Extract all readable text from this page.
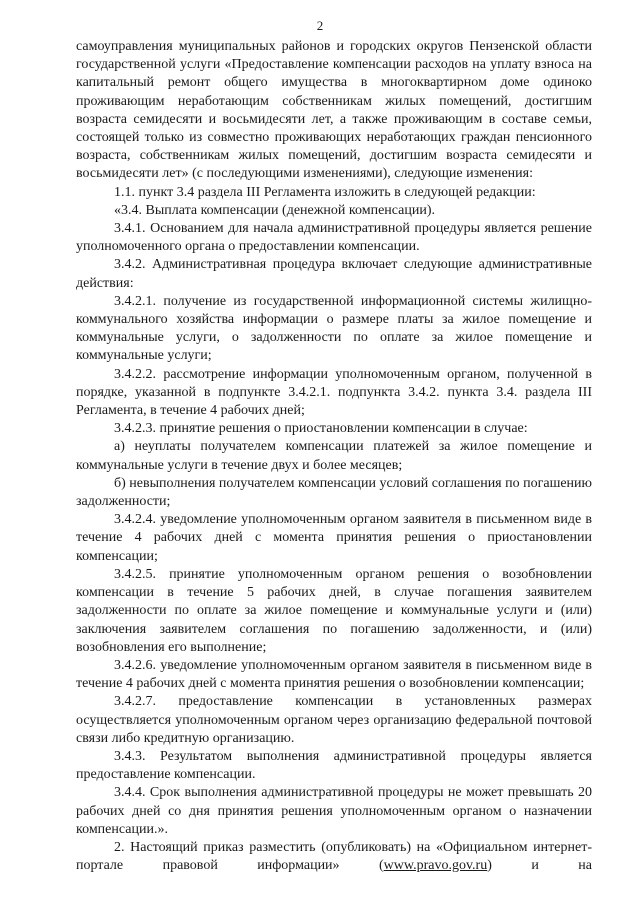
2

самоуправления муниципальных районов и городских округов Пензенской области государственной услуги «Предоставление компенсации расходов на уплату взноса на капитальный ремонт общего имущества в многоквартирном доме одиноко проживающим неработающим собственникам жилых помещений, достигшим возраста семидесяти и восьмидесяти лет, а также проживающим в составе семьи, состоящей только из совместно проживающих неработающих граждан пенсионного возраста, собственникам жилых помещений, достигшим возраста семидесяти и восьмидесяти лет» (с последующими изменениями), следующие изменения:

1.1. пункт 3.4 раздела III Регламента изложить в следующей редакции:

«3.4. Выплата компенсации (денежной компенсации).

3.4.1. Основанием для начала административной процедуры является решение уполномоченного органа о предоставлении компенсации.

3.4.2. Административная процедура включает следующие административные действия:

3.4.2.1. получение из государственной информационной системы жилищно-коммунального хозяйства информации о размере платы за жилое помещение и коммунальные услуги, о задолженности по оплате за жилое помещение и коммунальные услуги;

3.4.2.2. рассмотрение информации уполномоченным органом, полученной в порядке, указанной в подпункте 3.4.2.1. подпункта 3.4.2. пункта 3.4. раздела III Регламента, в течение 4 рабочих дней;

3.4.2.3. принятие решения о приостановлении компенсации в случае:

а) неуплаты получателем компенсации платежей за жилое помещение и коммунальные услуги в течение двух и более месяцев;

б) невыполнения получателем компенсации условий соглашения по погашению задолженности;

3.4.2.4. уведомление уполномоченным органом заявителя в письменном виде в течение 4 рабочих дней с момента принятия решения о приостановлении компенсации;

3.4.2.5. принятие уполномоченным органом решения о возобновлении компенсации в течение 5 рабочих дней, в случае погашения заявителем задолженности по оплате за жилое помещение и коммунальные услуги и (или) заключения заявителем соглашения по погашению задолженности, и (или) возобновления его выполнение;

3.4.2.6. уведомление уполномоченным органом заявителя в письменном виде в течение 4 рабочих дней с момента принятия решения о возобновлении компенсации;

3.4.2.7. предоставление компенсации в установленных размерах осуществляется уполномоченным органом через организацию федеральной почтовой связи либо кредитную организацию.

3.4.3. Результатом выполнения административной процедуры является предоставление компенсации.

3.4.4. Срок выполнения административной процедуры не может превышать 20 рабочих дней со дня принятия решения уполномоченным органом о назначении компенсации.».

2. Настоящий приказ разместить (опубликовать) на «Официальном интернет-портале правовой информации» (www.pravo.gov.ru) и на
